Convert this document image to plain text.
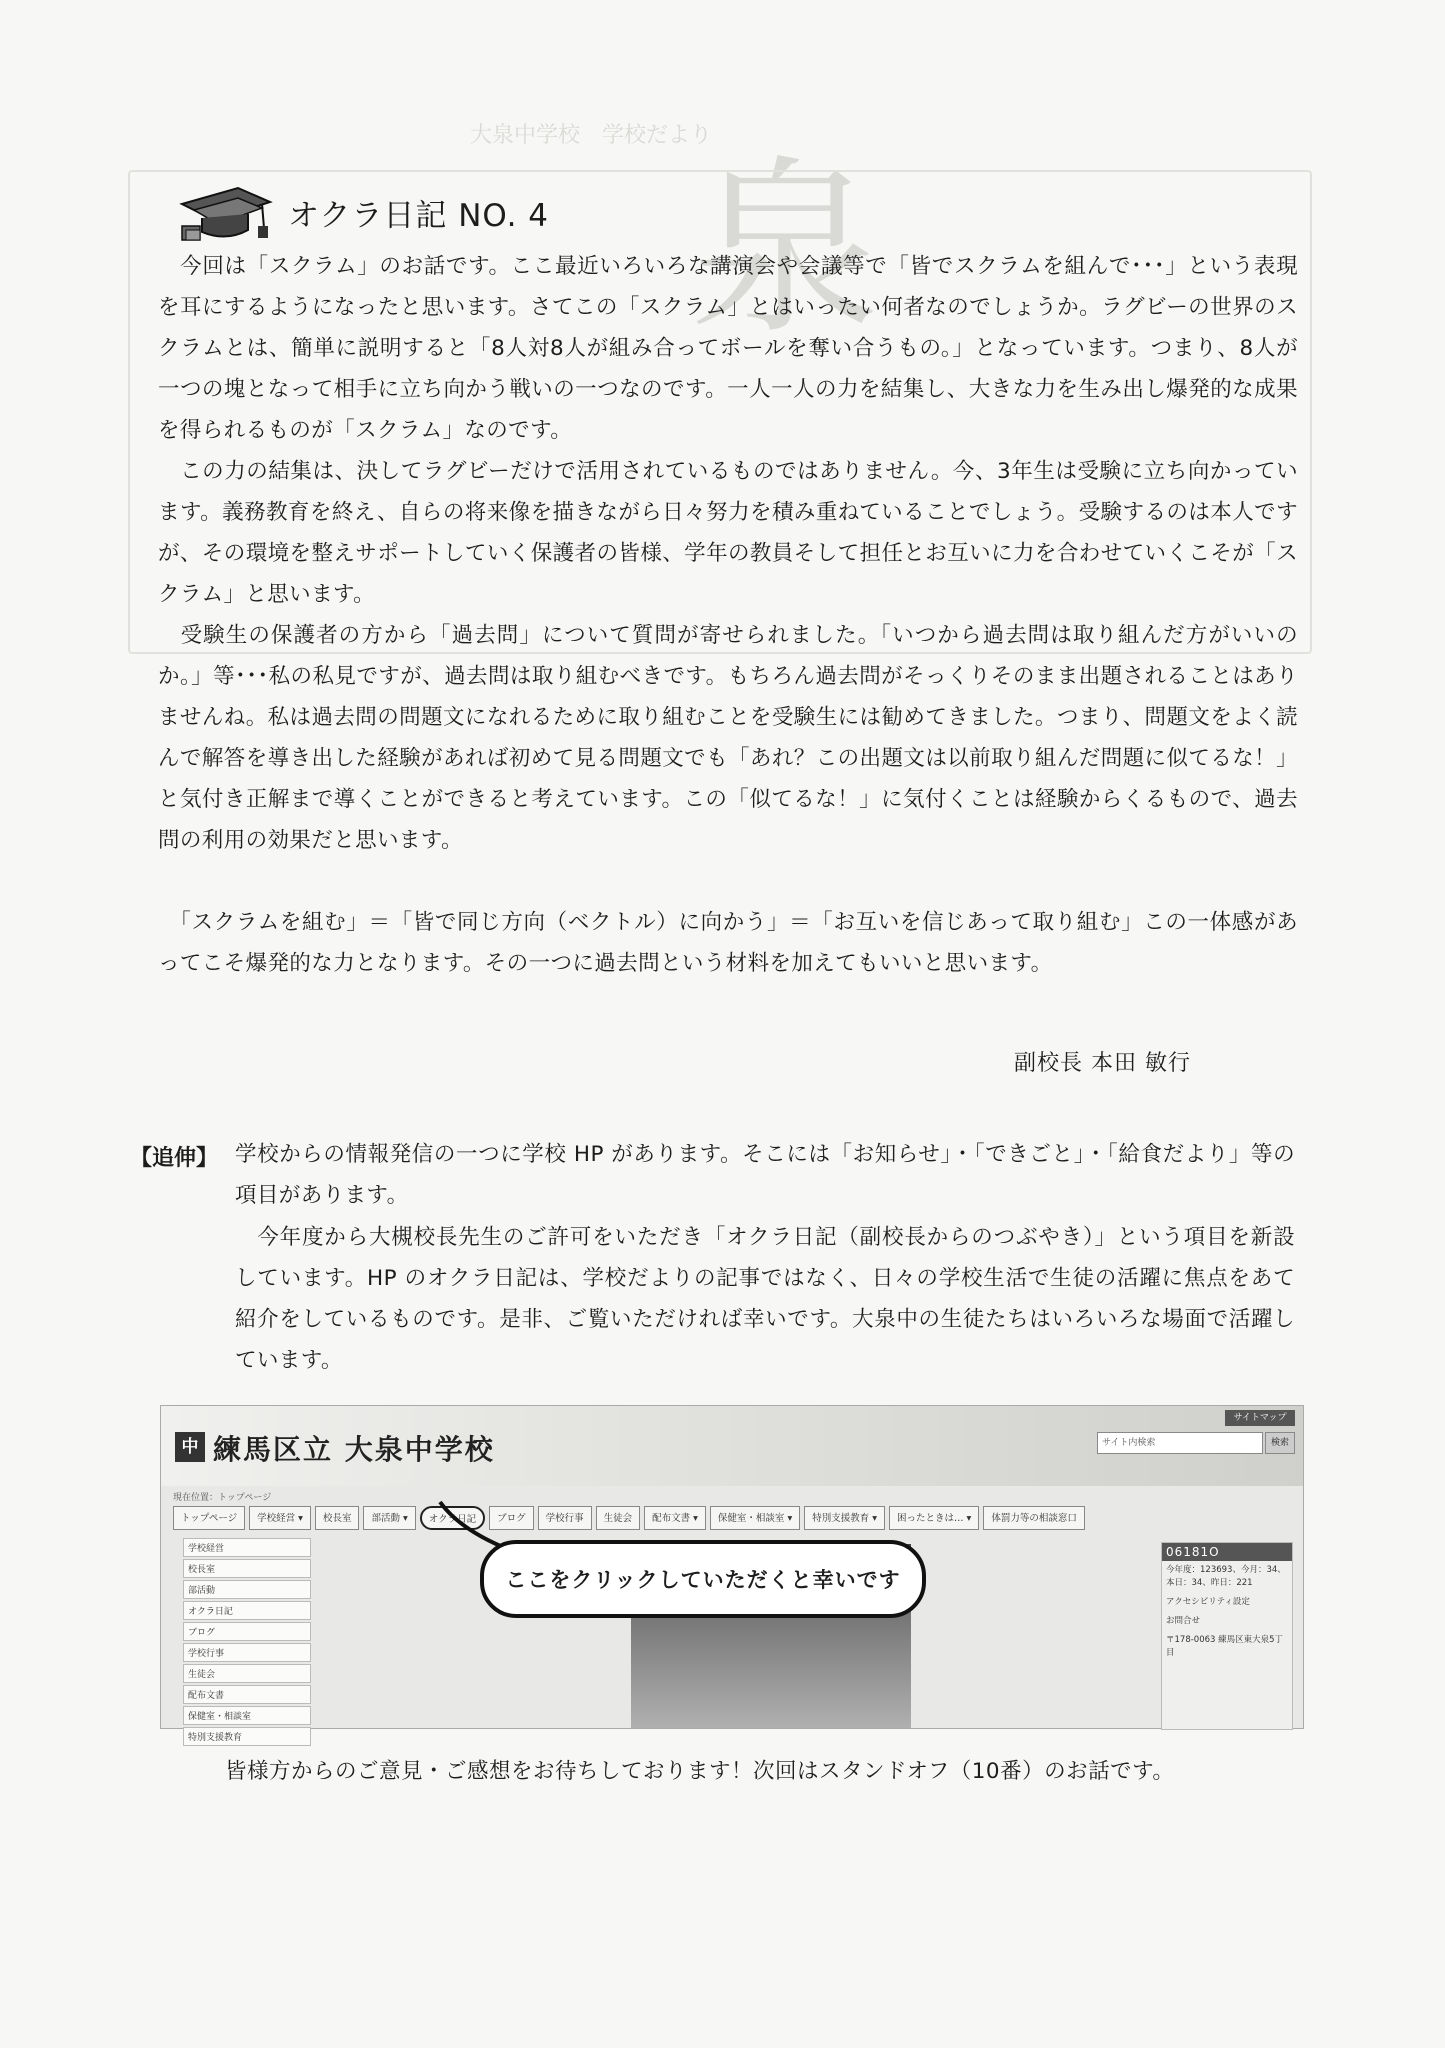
大泉中学校　学校だより
泉
オクラ日記 NO. 4

　今回は「スクラム」のお話です。ここ最近いろいろな講演会や会議等で「皆でスクラムを組んで･･･」という表現を耳にするようになったと思います。さてこの「スクラム」とはいったい何者なのでしょうか。ラグビーの世界のスクラムとは、簡単に説明すると「8人対8人が組み合ってボールを奪い合うもの。」となっています。つまり、8人が一つの塊となって相手に立ち向かう戦いの一つなのです。一人一人の力を結集し、大きな力を生み出し爆発的な成果を得られるものが「スクラム」なのです。

　この力の結集は、決してラグビーだけで活用されているものではありません。今、3年生は受験に立ち向かっています。義務教育を終え、自らの将来像を描きながら日々努力を積み重ねていることでしょう。受験するのは本人ですが、その環境を整えサポートしていく保護者の皆様、学年の教員そして担任とお互いに力を合わせていくこそが「スクラム」と思います。

　受験生の保護者の方から「過去問」について質問が寄せられました。「いつから過去問は取り組んだ方がいいのか。」等･･･私の私見ですが、過去問は取り組むべきです。もちろん過去問がそっくりそのまま出題されることはありませんね。私は過去問の問題文になれるために取り組むことを受験生には勧めてきました。つまり、問題文をよく読んで解答を導き出した経験があれば初めて見る問題文でも「あれ？この出題文は以前取り組んだ問題に似てるな！」と気付き正解まで導くことができると考えています。この「似てるな！」に気付くことは経験からくるもので、過去問の利用の効果だと思います。

　「スクラムを組む」＝「皆で同じ方向（ベクトル）に向かう」＝「お互いを信じあって取り組む」この一体感があってこそ爆発的な力となります。その一つに過去問という材料を加えてもいいと思います。

副校長 本田 敏行
【追伸】 学校からの情報発信の一つに学校 HP があります。そこには「お知らせ」・「できごと」・「給食だより」等の項目があります。

　今年度から大槻校長先生のご許可をいただき「オクラ日記（副校長からのつぶやき）」という項目を新設しています。HP のオクラ日記は、学校だよりの記事ではなく、日々の学校生活で生徒の活躍に焦点をあて紹介をしているものです。是非、ご覧いただければ幸いです。大泉中の生徒たちはいろいろな場面で活躍しています。

中 練馬区立 大泉中学校
サイトマップ
サイト内検索	検索
現在位置：トップページ
トップページ	学校経営 ▾	校長室	部活動 ▾	オクラ日記	ブログ	学校行事	生徒会	配布文書 ▾	保健室・相談室 ▾	特別支援教育 ▾	困ったときは… ▾	体罰力等の相談窓口
学校経営
校長室
部活動
オクラ日記
ブログ
学校行事
生徒会
配布文書
保健室・相談室
特別支援教育
06181O
今年度：123693、今月：34、本日：34、昨日：221
アクセシビリティ設定
お問合せ
〒178-0063 練馬区東大泉5丁目
ここをクリックしていただくと幸いです
皆様方からのご意見・ご感想をお待ちしております！次回はスタンドオフ（10番）のお話です。
